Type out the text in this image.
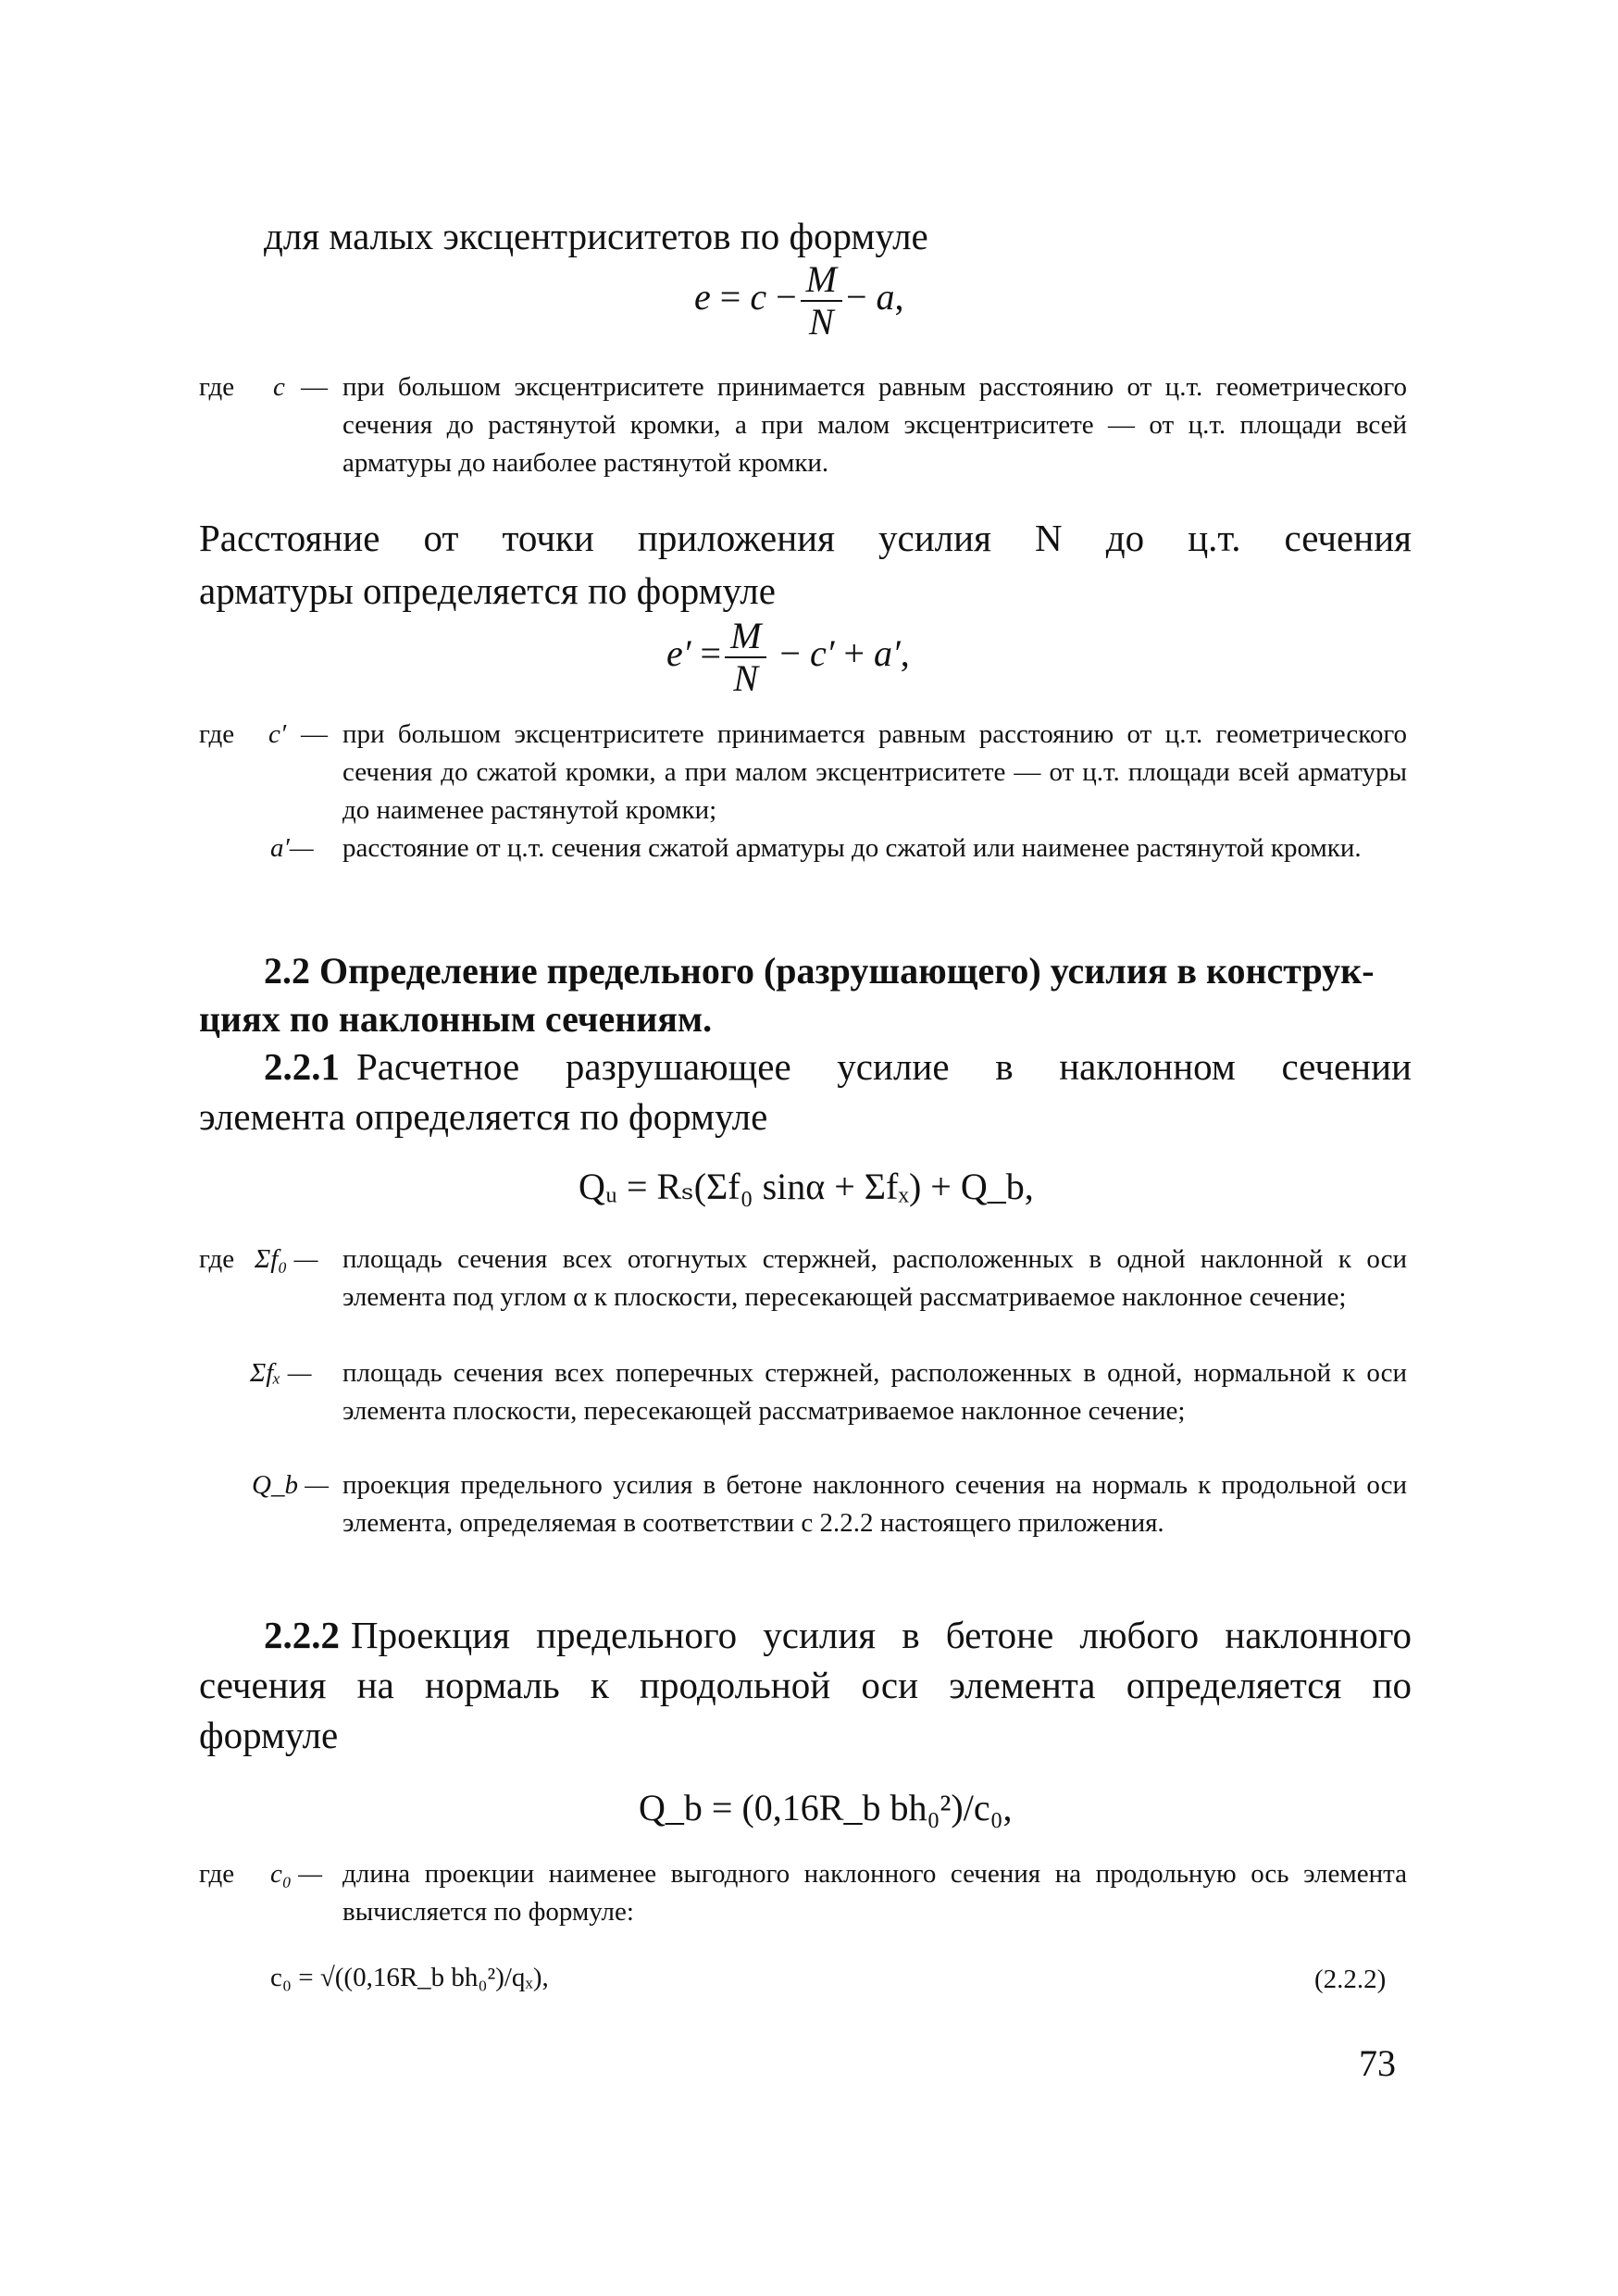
для малых эксцентриситетов по формуле
$e = c - \frac{M}{N} - a$,
где c — при большом эксцентриситете принимается равным расстоянию от ц.т. геометрического сечения до растянутой кромки, а при малом эксцентриситете — от ц.т. площади всей арматуры до наиболее растянутой кромки.
Расстояние от точки приложения усилия N до ц.т. сечения
арматуры определяется по формуле
$e' = \frac{M}{N} - c' + a'$,
где c′ — при большом эксцентриситете принимается равным расстоянию от ц.т. геометрического сечения до сжатой кромки, а при малом эксцентриситете — от ц.т. площади всей арматуры до наименее растянутой кромки;
a′— расстояние от ц.т. сечения сжатой арматуры до сжатой или наименее растянутой кромки.
2.2 Определение предельного (разрушающего) усилия в конструк-
циях по наклонным сечениям.
2.2.1 Расчетное разрушающее усилие в наклонном сечении
элемента определяется по формуле
Qᵤ = Rₛ(Σf₀ sinα + Σfₓ) + Q_b,
где Σf₀ — площадь сечения всех отогнутых стержней, расположенных в одной наклонной к оси элемента под углом α к плоскости, пересекающей рассматриваемое наклонное сечение;
Σfₓ — площадь сечения всех поперечных стержней, расположенных в одной, нормальной к оси элемента плоскости, пересекающей рассматриваемое наклонное сечение;
Q_b — проекция предельного усилия в бетоне наклонного сечения на нормаль к продольной оси элемента, определяемая в соответствии с 2.2.2 настоящего приложения.
2.2.2 Проекция предельного усилия в бетоне любого наклонного
сечения на нормаль к продольной оси элемента определяется по
формуле
Q_b = (0,16R_b bh₀²)/c₀,
где c₀ — длина проекции наименее выгодного наклонного сечения на продольную ось элемента вычисляется по формуле:
c₀ = √((0,16R_b bh₀²)/qₓ),	(2.2.2)
73
